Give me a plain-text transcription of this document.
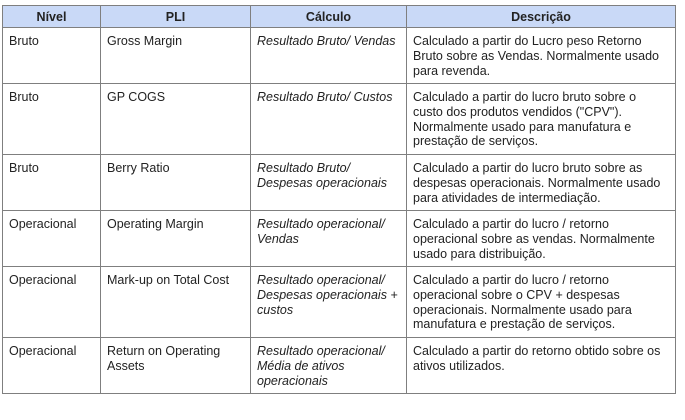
Nível	PLI	Cálculo	Descrição
Bruto	Gross Margin	Resultado Bruto/ Vendas	Calculado a partir do Lucro peso Retorno Bruto sobre as Vendas. Normalmente usado para revenda.
Bruto	GP COGS	Resultado Bruto/ Custos	Calculado a partir do lucro bruto sobre o custo dos produtos vendidos ("CPV"). Normalmente usado para manufatura e prestação de serviços.
Bruto	Berry Ratio	Resultado Bruto/ Despesas operacionais	Calculado a partir do lucro bruto sobre as despesas operacionais. Normalmente usado para atividades de intermediação.
Operacional	Operating Margin	Resultado operacional/ Vendas	Calculado a partir do lucro / retorno operacional sobre as vendas. Normalmente usado para distribuição.
Operacional	Mark-up on Total Cost	Resultado operacional/ Despesas operacionais + custos	Calculado a partir do lucro / retorno operacional sobre o CPV + despesas operacionais. Normalmente usado para manufatura e prestação de serviços.
Operacional	Return on Operating Assets	Resultado operacional/ Média de ativos operacionais	Calculado a partir do retorno obtido sobre os ativos utilizados.
